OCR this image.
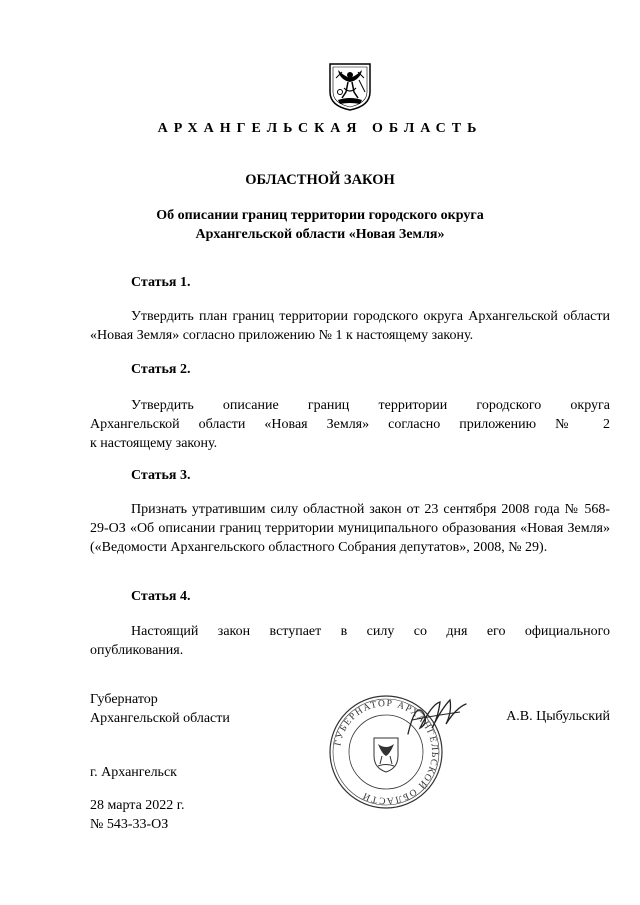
АРХАНГЕЛЬСКАЯ ОБЛАСТЬ
ОБЛАСТНОЙ ЗАКОН
Об описании границ территории городского округа
Архангельской области «Новая Земля»
Статья 1.

Утвердить план границ территории городского округа Архангельской области «Новая Земля» согласно приложению № 1 к настоящему закону.

Статья 2.

Утвердить описание границ территории городского округа

Архангельской области «Новая Земля» согласно приложению № 2

к настоящему закону.

Статья 3.

Признать утратившим силу областной закон от 23 сентября 2008 года № 568-29-ОЗ «Об описании границ территории муниципального образования «Новая Земля» («Ведомости Архангельского областного Собрания депутатов», 2008, № 29).

Статья 4.

Настоящий закон вступает в силу со дня его официального

опубликования.

Губернатор
Архангельской области	А.В. Цыбульский
ГУБЕРНАТОР АРХАНГЕЛЬСКОЙ ОБЛАСТИ
г. Архангельск
28 марта 2022 г.
№ 543-33-ОЗ
